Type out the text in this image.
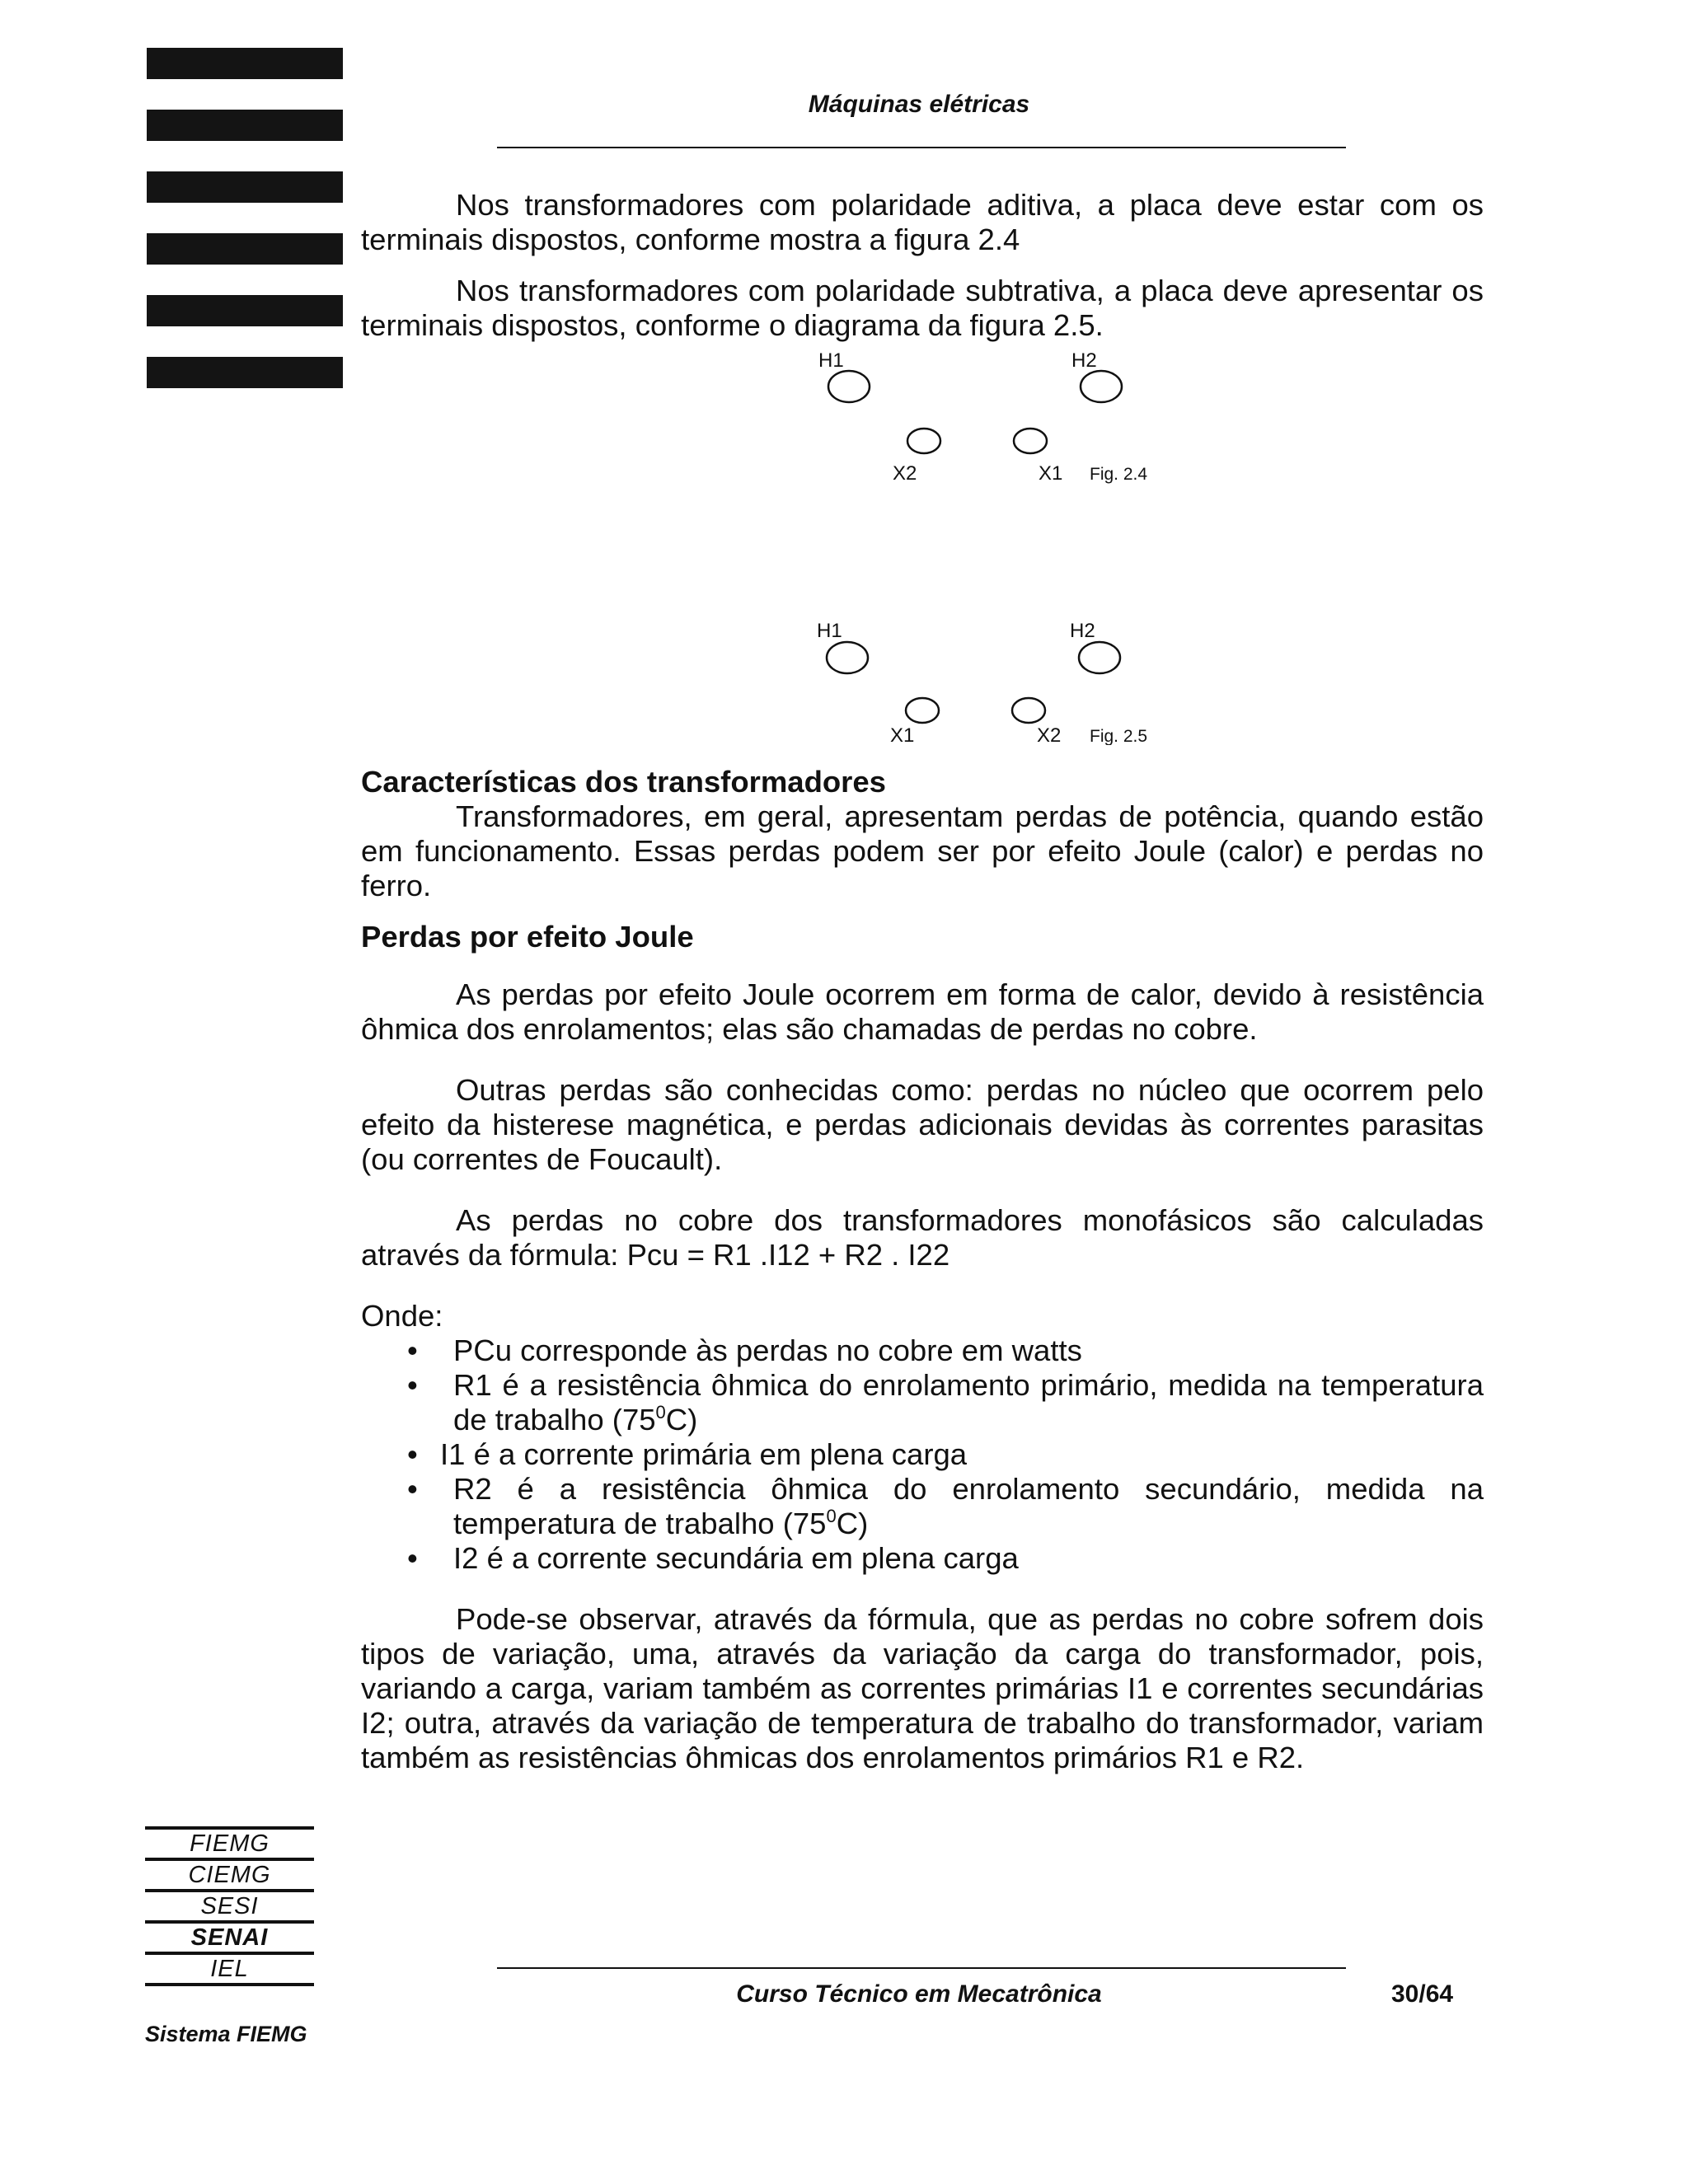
Máquinas elétricas

Nos transformadores com polaridade aditiva, a placa deve estar com os terminais dispostos, conforme mostra a figura 2.4

Nos transformadores com polaridade subtrativa, a placa deve apresentar os terminais dispostos, conforme o diagrama da figura 2.5.

H1	H2
X2	X1 Fig. 2.4
H1	H2
X1	X2 Fig. 2.5
Características dos transformadores

Transformadores, em geral, apresentam perdas de potência, quando estão em funcionamento. Essas perdas podem ser por efeito Joule (calor) e perdas no ferro.

Perdas por efeito Joule

As perdas por efeito Joule ocorrem em forma de calor, devido à resistência ôhmica dos enrolamentos; elas são chamadas de perdas no cobre.

Outras perdas são conhecidas como: perdas no núcleo que ocorrem pelo efeito da histerese magnética, e perdas adicionais devidas às correntes parasitas (ou correntes de Foucault).

As perdas no cobre dos transformadores monofásicos são calculadas através da fórmula: Pcu = R1 .I12 + R2 . I22

Onde:

• PCu corresponde às perdas no cobre em watts
• R1 é a resistência ôhmica do enrolamento primário, medida na temperatura de trabalho $(75^0C)$
• I1 é a corrente primária em plena carga
• R2 é a resistência ôhmica do enrolamento secundário, medida na temperatura de trabalho $(75^0C)$
• I2 é a corrente secundária em plena carga

Pode-se observar, através da fórmula, que as perdas no cobre sofrem dois tipos de variação, uma, através da variação da carga do transformador, pois, variando a carga, variam também as correntes primárias I1 e correntes secundárias I2; outra, através da variação de temperatura de trabalho do transformador, variam também as resistências ôhmicas dos enrolamentos primários R1 e R2.

FIEMG
CIEMG
SESI
SENAI
IEL
Sistema FIEMG
Curso Técnico em Mecatrônica	30/64
